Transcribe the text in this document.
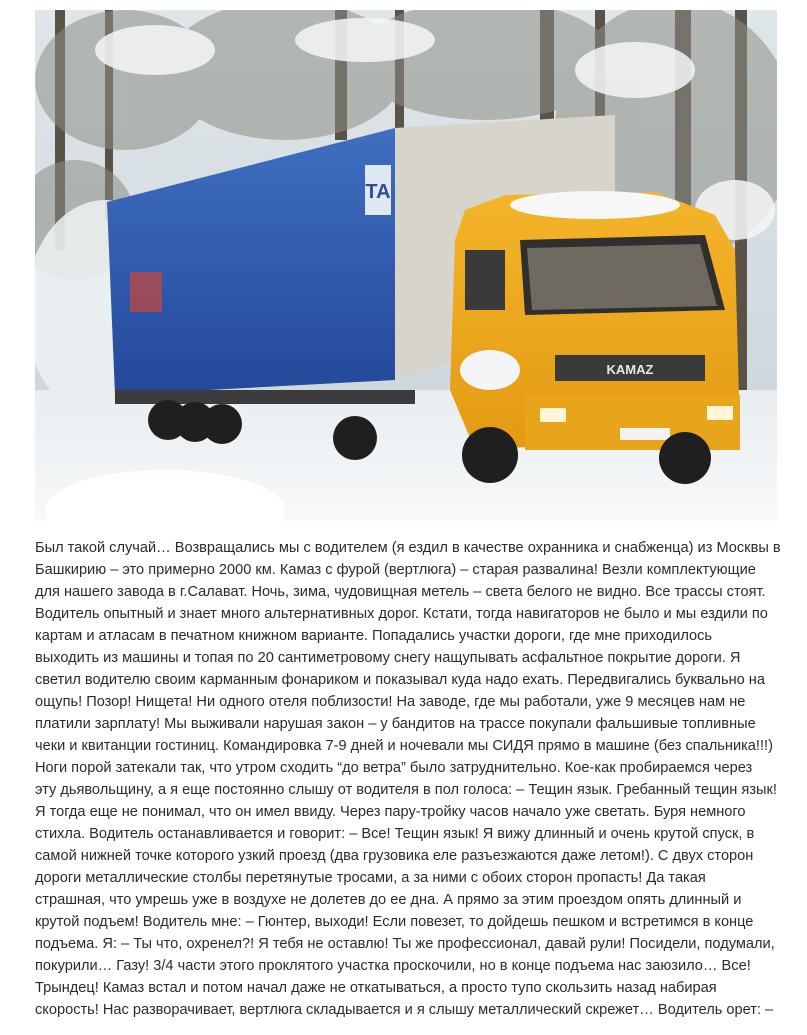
TA
KAMAZ

Был такой случай… Возвращались мы с водителем (я ездил в качестве охранника и снабженца) из Москвы в
Башкирию – это примерно 2000 км. Камаз с фурой (вертлюга) – старая развалина! Везли комплектующие
для нашего завода в г.Салават. Ночь, зима, чудовищная метель – света белого не видно. Все трассы стоят.
Водитель опытный и знает много альтернативных дорог. Кстати, тогда навигаторов не было и мы ездили по
картам и атласам в печатном книжном варианте. Попадались участки дороги, где мне приходилось
выходить из машины и топая по 20 сантиметровому снегу нащупывать асфальтное покрытие дороги. Я
светил водителю своим карманным фонариком и показывал куда надо ехать. Передвигались буквально на
ощупь! Позор! Нищета! Ни одного отеля поблизости! На заводе, где мы работали, уже 9 месяцев нам не
платили зарплату! Мы выживали нарушая закон – у бандитов на трассе покупали фальшивые топливные
чеки и квитанции гостиниц. Командировка 7-9 дней и ночевали мы СИДЯ прямо в машине (без спальника!!!)
Ноги порой затекали так, что утром сходить “до ветра” было затруднительно. Кое-как пробираемся через
эту дьявольщину, а я еще постоянно слышу от водителя в пол голоса: – Тещин язык. Гребанный тещин язык!
Я тогда еще не понимал, что он имел ввиду. Через пару-тройку часов начало уже светать. Буря немного
стихла. Водитель останавливается и говорит: – Все! Тещин язык! Я вижу длинный и очень крутой спуск, в
самой нижней точке которого узкий проезд (два грузовика еле разъезжаются даже летом!). С двух сторон
дороги металлические столбы перетянутые тросами, а за ними с обоих сторон пропасть! Да такая
страшная, что умрешь уже в воздухе не долетев до ее дна. А прямо за этим проездом опять длинный и
крутой подъем! Водитель мне: – Гюнтер, выходи! Если повезет, то дойдешь пешком и встретимся в конце
подъема. Я: – Ты что, охренел?! Я тебя не оставлю! Ты же профессионал, давай рули! Посидели, подумали,
покурили… Газу! 3/4 части этого проклятого участка проскочили, но в конце подъема нас заюзило… Все!
Трындец! Камаз встал и потом начал даже не откатываться, а просто тупо скользить назад набирая
скорость! Нас разворачивает, вертлюга складывается и я слышу металлический скрежет… Водитель орет: –
